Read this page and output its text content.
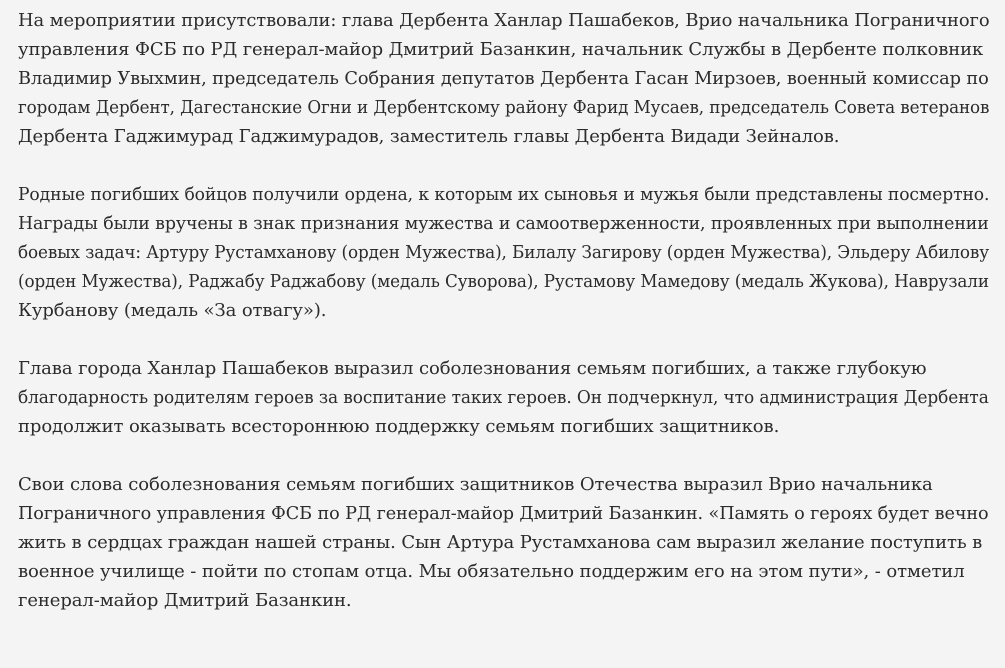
На мероприятии присутствовали: глава Дербента Ханлар Пашабеков, Врио начальника Пограничного
управления ФСБ по РД генерал-майор Дмитрий Базанкин, начальник Службы в Дербенте полковник
Владимир Увыхмин, председатель Собрания депутатов Дербента Гасан Мирзоев, военный комиссар по
городам Дербент, Дагестанские Огни и Дербентскому району Фарид Мусаев, председатель Совета ветеранов
Дербента Гаджимурад Гаджимурадов, заместитель главы Дербента Видади Зейналов.

Родные погибших бойцов получили ордена, к которым их сыновья и мужья были представлены посмертно.
Награды были вручены в знак признания мужества и самоотверженности, проявленных при выполнении
боевых задач: Артуру Рустамханову (орден Мужества), Билалу Загирову (орден Мужества), Эльдеру Абилову
(орден Мужества), Раджабу Раджабову (медаль Суворова), Рустамову Мамедову (медаль Жукова), Наврузали
Курбанову (медаль «За отвагу»).

Глава города Ханлар Пашабеков выразил соболезнования семьям погибших, а также глубокую
благодарность родителям героев за воспитание таких героев. Он подчеркнул, что администрация Дербента
продолжит оказывать всестороннюю поддержку семьям погибших защитников.

Свои слова соболезнования семьям погибших защитников Отечества выразил Врио начальника
Пограничного управления ФСБ по РД генерал-майор Дмитрий Базанкин. «Память о героях будет вечно
жить в сердцах граждан нашей страны. Сын Артура Рустамханова сам выразил желание поступить в
военное училище - пойти по стопам отца. Мы обязательно поддержим его на этом пути», - отметил
генерал-майор Дмитрий Базанкин.
